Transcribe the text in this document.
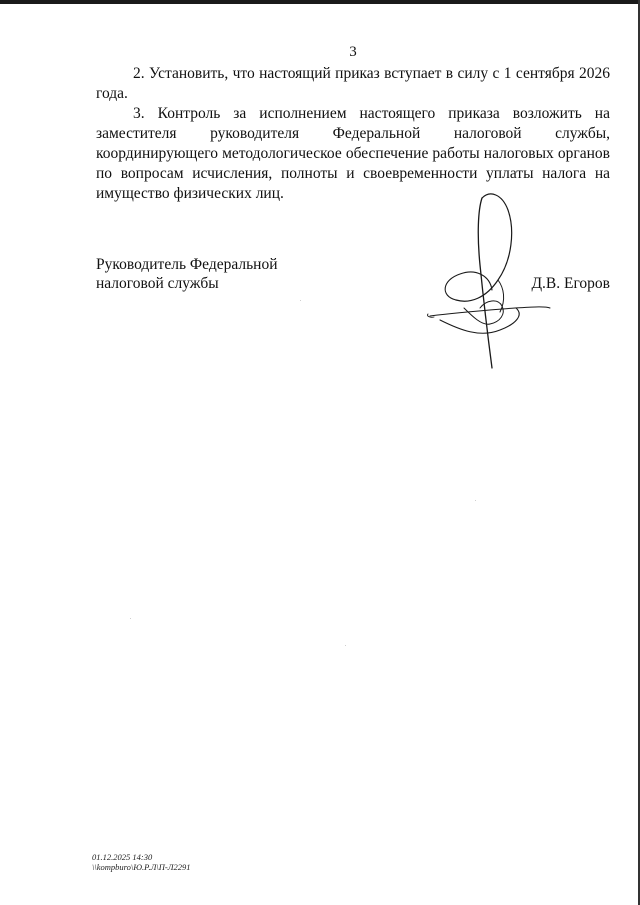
3

2. Установить, что настоящий приказ вступает в силу с 1 сентября 2026 года.

3. Контроль за исполнением настоящего приказа возложить на заместителя руководителя Федеральной налоговой службы, координирующего методологическое обеспечение работы налоговых органов по вопросам исчисления, полноты и своевременности уплаты налога на имущество физических лиц.

Руководитель Федеральной
налоговой службы	Д.В. Егоров
01.12.2025 14:30
\\kompburo\Ю.Р.Л\П-Л2291
